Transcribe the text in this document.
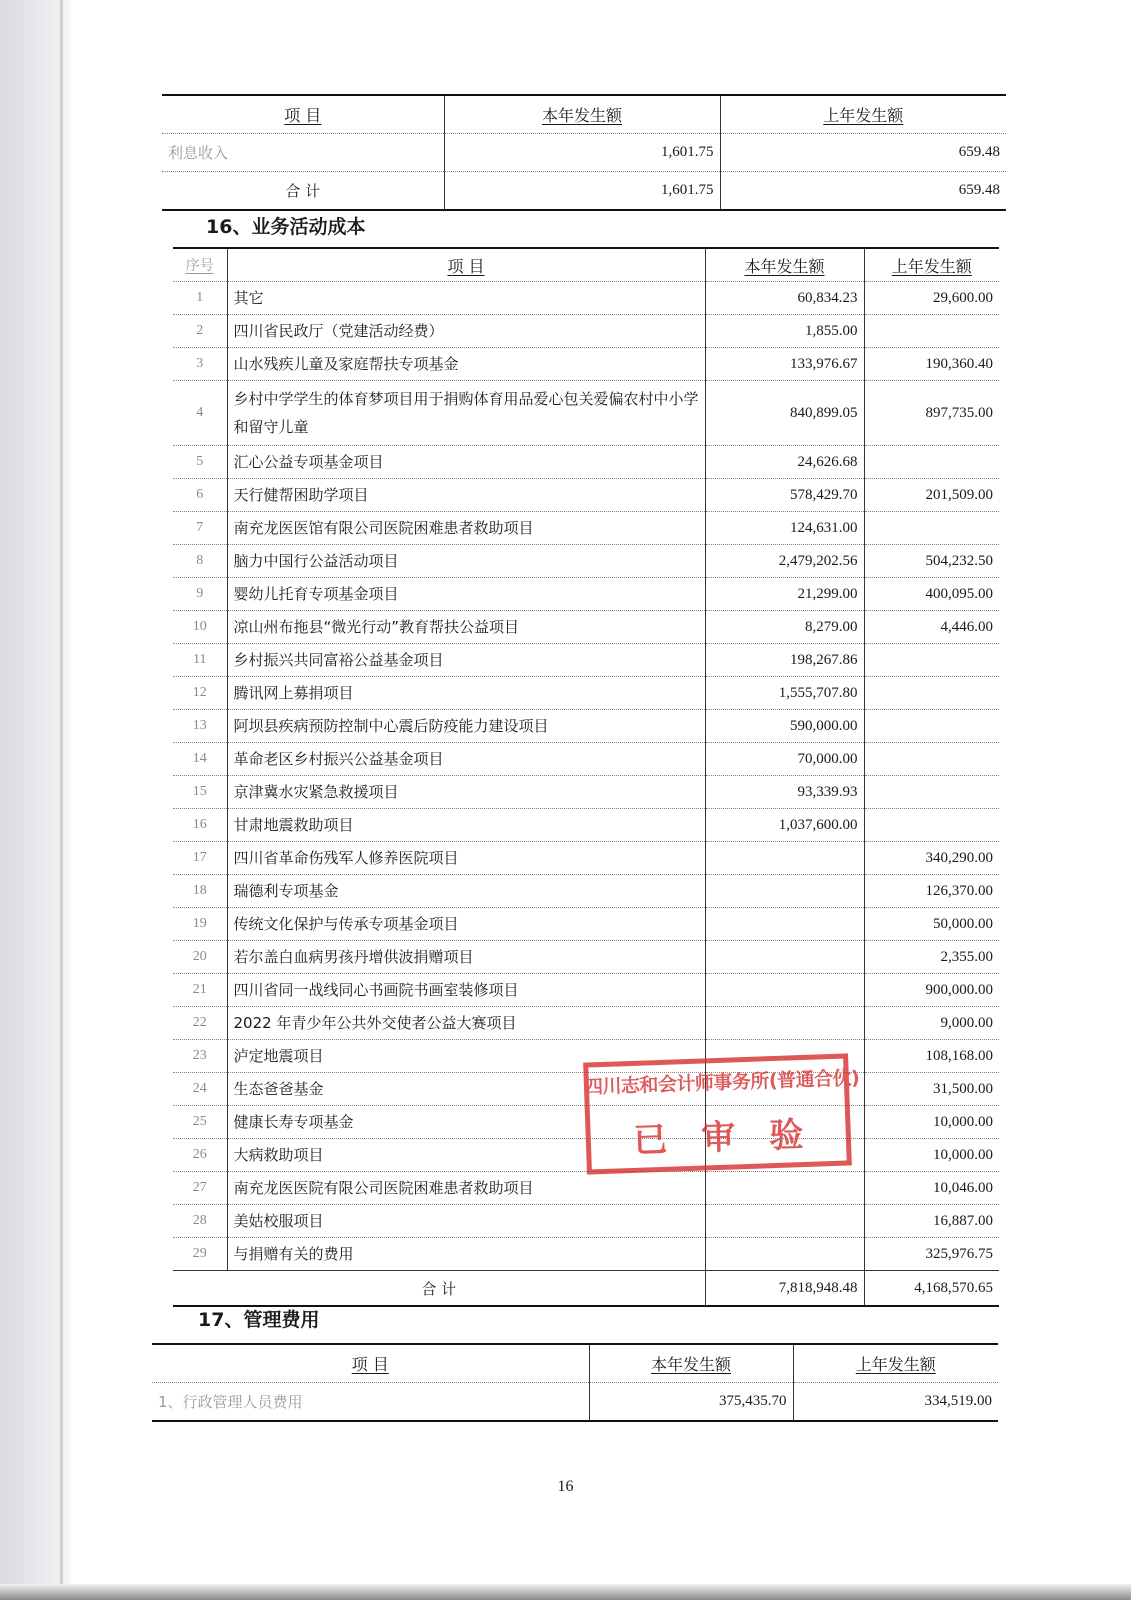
项 目	本年发生额	上年发生额
利息收入	1,601.75	659.48
合 计	1,601.75	659.48
16、业务活动成本
序号	项 目	本年发生额	上年发生额
1	其它	60,834.23	29,600.00
2	四川省民政厅（党建活动经费）	1,855.00	
3	山水残疾儿童及家庭帮扶专项基金	133,976.67	190,360.40
4	乡村中学学生的体育梦项目用于捐购体育用品爱心包关爱偏农村中小学和留守儿童	840,899.05	897,735.00
5	汇心公益专项基金项目	24,626.68	
6	天行健帮困助学项目	578,429.70	201,509.00
7	南充龙医医馆有限公司医院困难患者救助项目	124,631.00	
8	脑力中国行公益活动项目	2,479,202.56	504,232.50
9	婴幼儿托育专项基金项目	21,299.00	400,095.00
10	凉山州布拖县“微光行动”教育帮扶公益项目	8,279.00	4,446.00
11	乡村振兴共同富裕公益基金项目	198,267.86	
12	腾讯网上募捐项目	1,555,707.80	
13	阿坝县疾病预防控制中心震后防疫能力建设项目	590,000.00	
14	革命老区乡村振兴公益基金项目	70,000.00	
15	京津冀水灾紧急救援项目	93,339.93	
16	甘肃地震救助项目	1,037,600.00	
17	四川省革命伤残军人修养医院项目		340,290.00
18	瑞德利专项基金		126,370.00
19	传统文化保护与传承专项基金项目		50,000.00
20	若尔盖白血病男孩丹增供波捐赠项目		2,355.00
21	四川省同一战线同心书画院书画室装修项目		900,000.00
22	2022 年青少年公共外交使者公益大赛项目		9,000.00
23	泸定地震项目		108,168.00
24	生态爸爸基金		31,500.00
25	健康长寿专项基金		10,000.00
26	大病救助项目		10,000.00
27	南充龙医医院有限公司医院困难患者救助项目		10,046.00
28	美姑校服项目		16,887.00
29	与捐赠有关的费用		325,976.75
合 计		7,818,948.48	4,168,570.65
17、管理费用
项 目	本年发生额	上年发生额
1、行政管理人员费用	375,435.70	334,519.00
四川志和会计师事务所(普通合伙)
已审验
16
